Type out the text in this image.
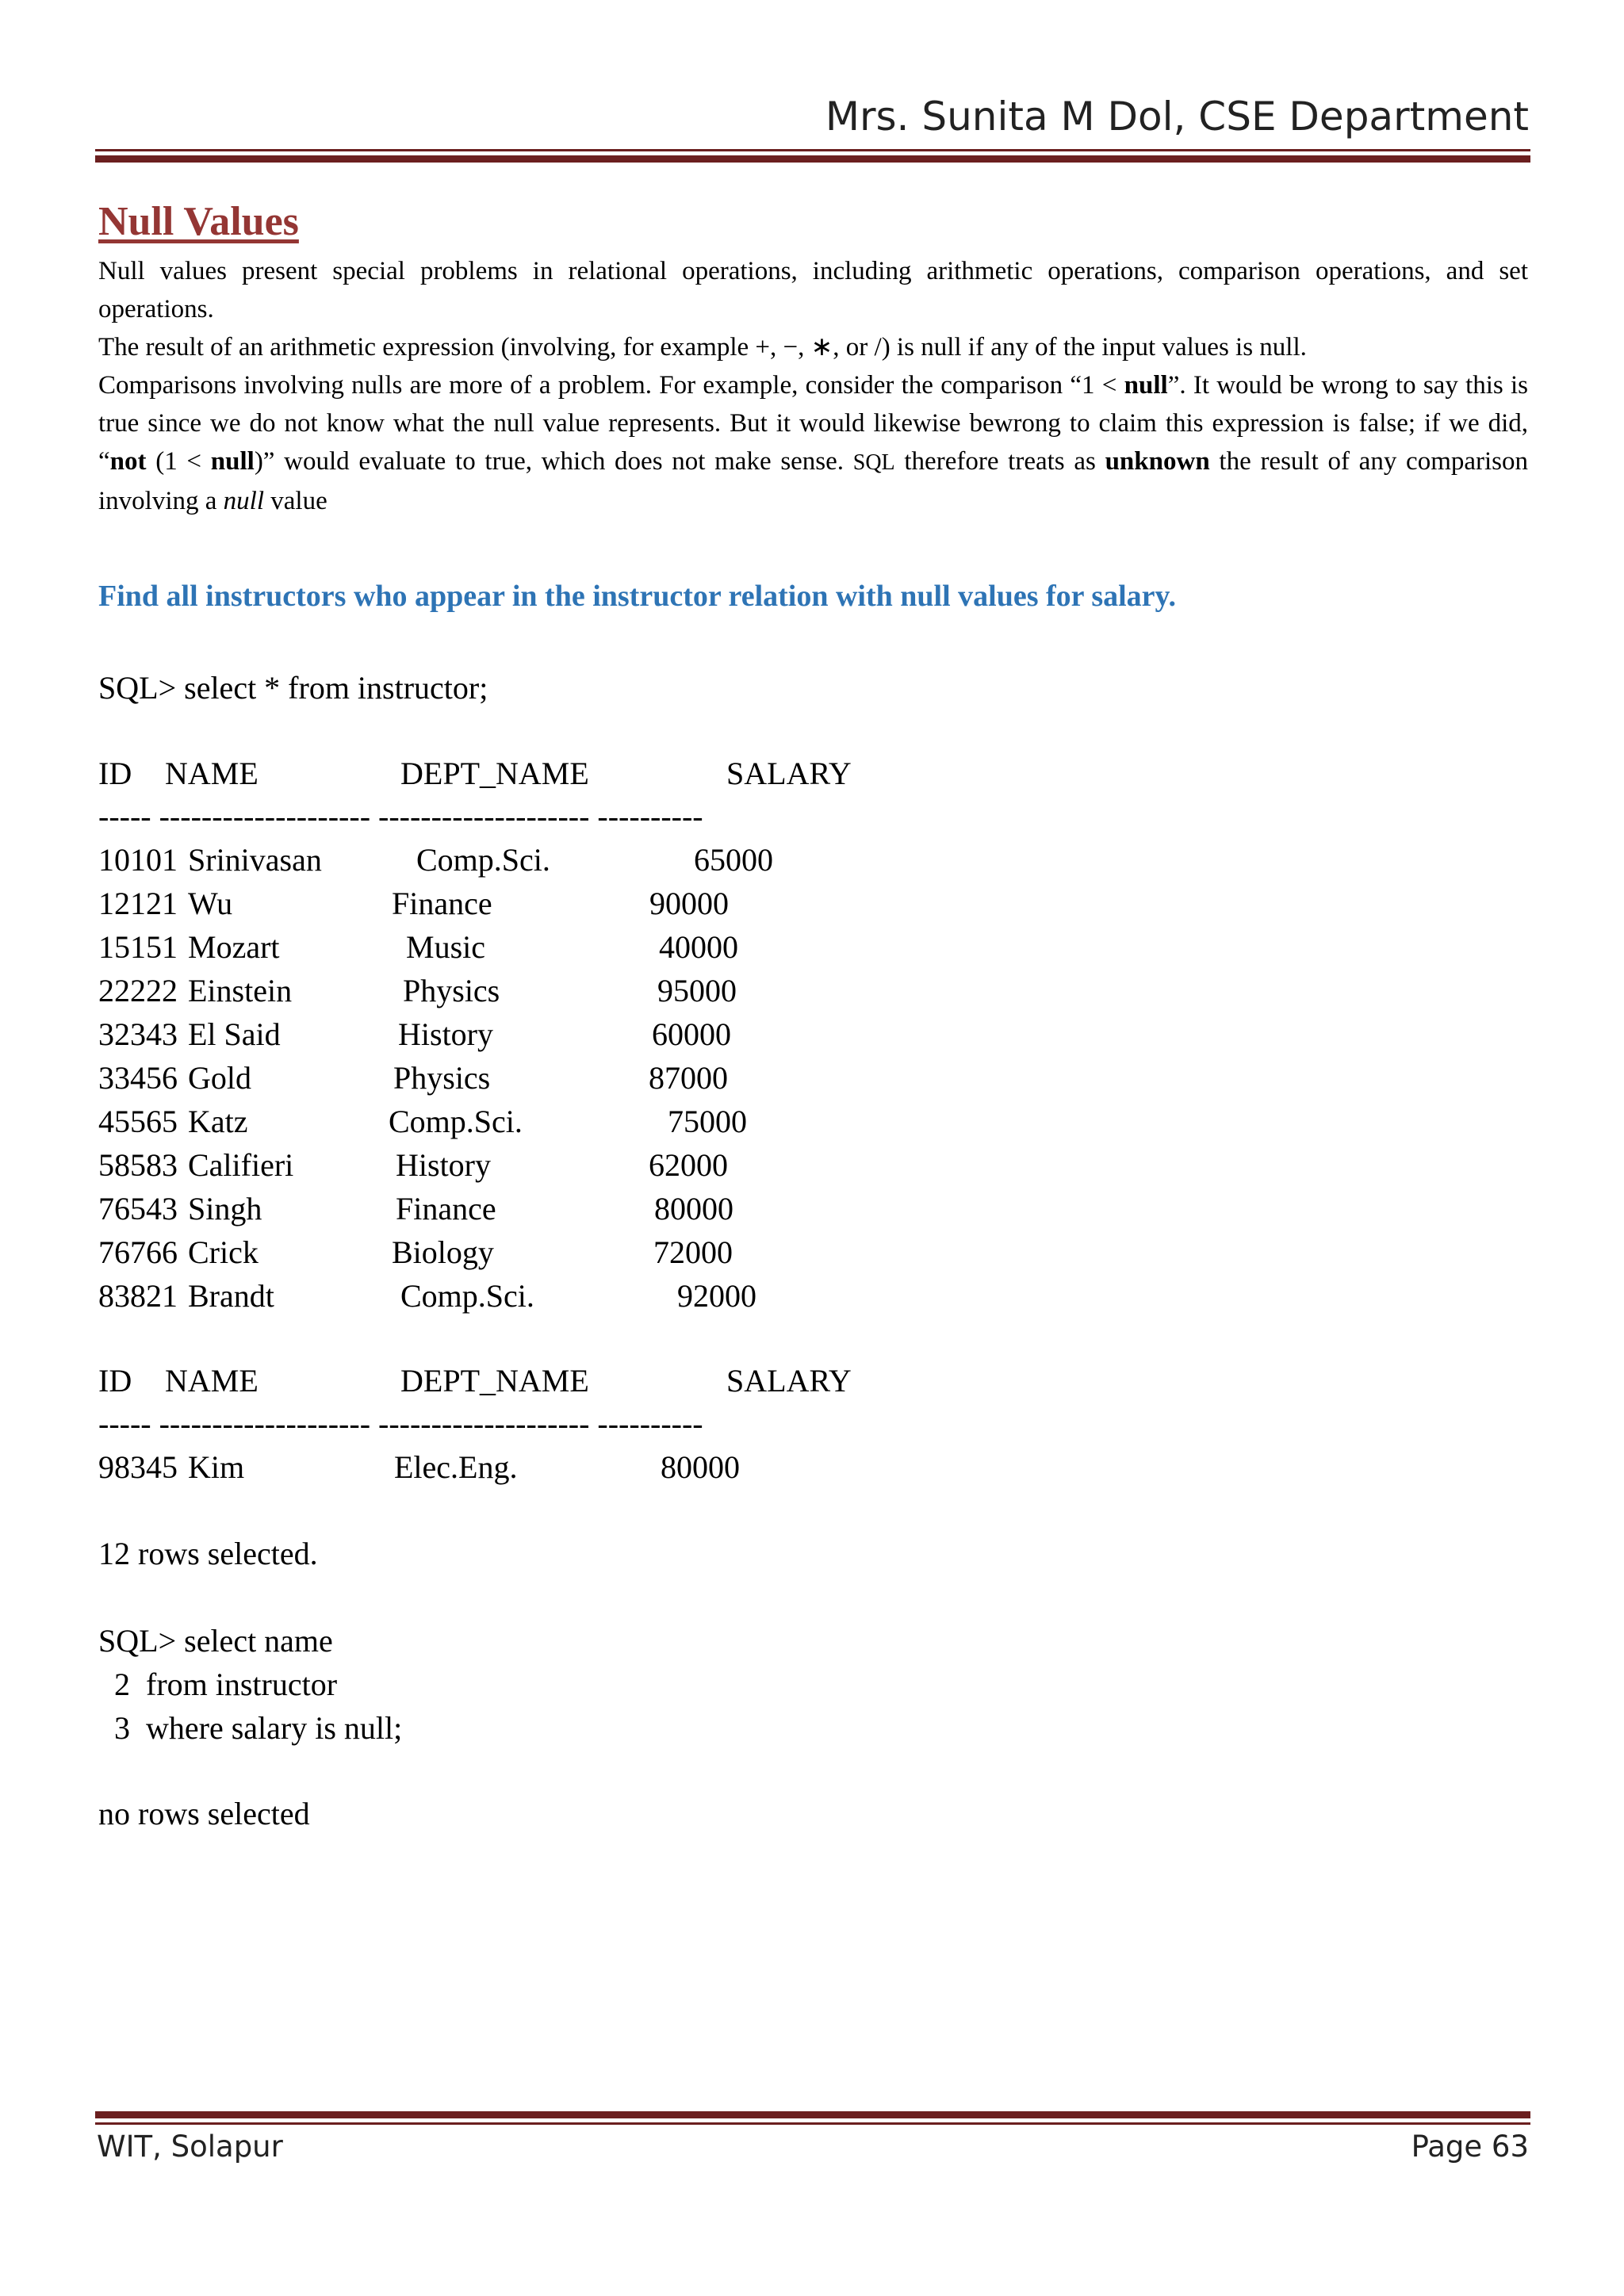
Mrs. Sunita M Dol, CSE Department
Null Values

Null values present special problems in relational operations, including arithmetic operations, comparison operations, and set operations.

The result of an arithmetic expression (involving, for example +, −, ∗, or /) is null if any of the input values is null.

Comparisons involving nulls are more of a problem. For example, consider the comparison “1 < null”. It would be wrong to say this is true since we do not know what the null value represents. But it would likewise bewrong to claim this expression is false; if we did, “not (1 < null)” would evaluate to true, which does not make sense. SQL therefore treats as unknown the result of any comparison involving a null value

Find all instructors who appear in the instructor relation with null values for salary.
SQL> select * from instructor;
ID NAME	DEPT_NAME	SALARY
----- -------------------- -------------------- ----------
10101 Srinivasan	Comp.Sci.	65000
12121 Wu	Finance	90000
15151 Mozart	Music	40000
22222 Einstein	Physics	95000
32343 El Said	History	60000
33456 Gold	Physics	87000
45565 Katz	Comp.Sci.	75000
58583 Califieri	History	62000
76543 Singh	Finance	80000
76766 Crick	Biology	72000
83821 Brandt	Comp.Sci.	92000
ID NAME	DEPT_NAME	SALARY
----- -------------------- -------------------- ----------
98345 Kim	Elec.Eng.	80000
12 rows selected.
SQL> select name
2  from instructor
3  where salary is null;
no rows selected
WIT, Solapur	Page 63
